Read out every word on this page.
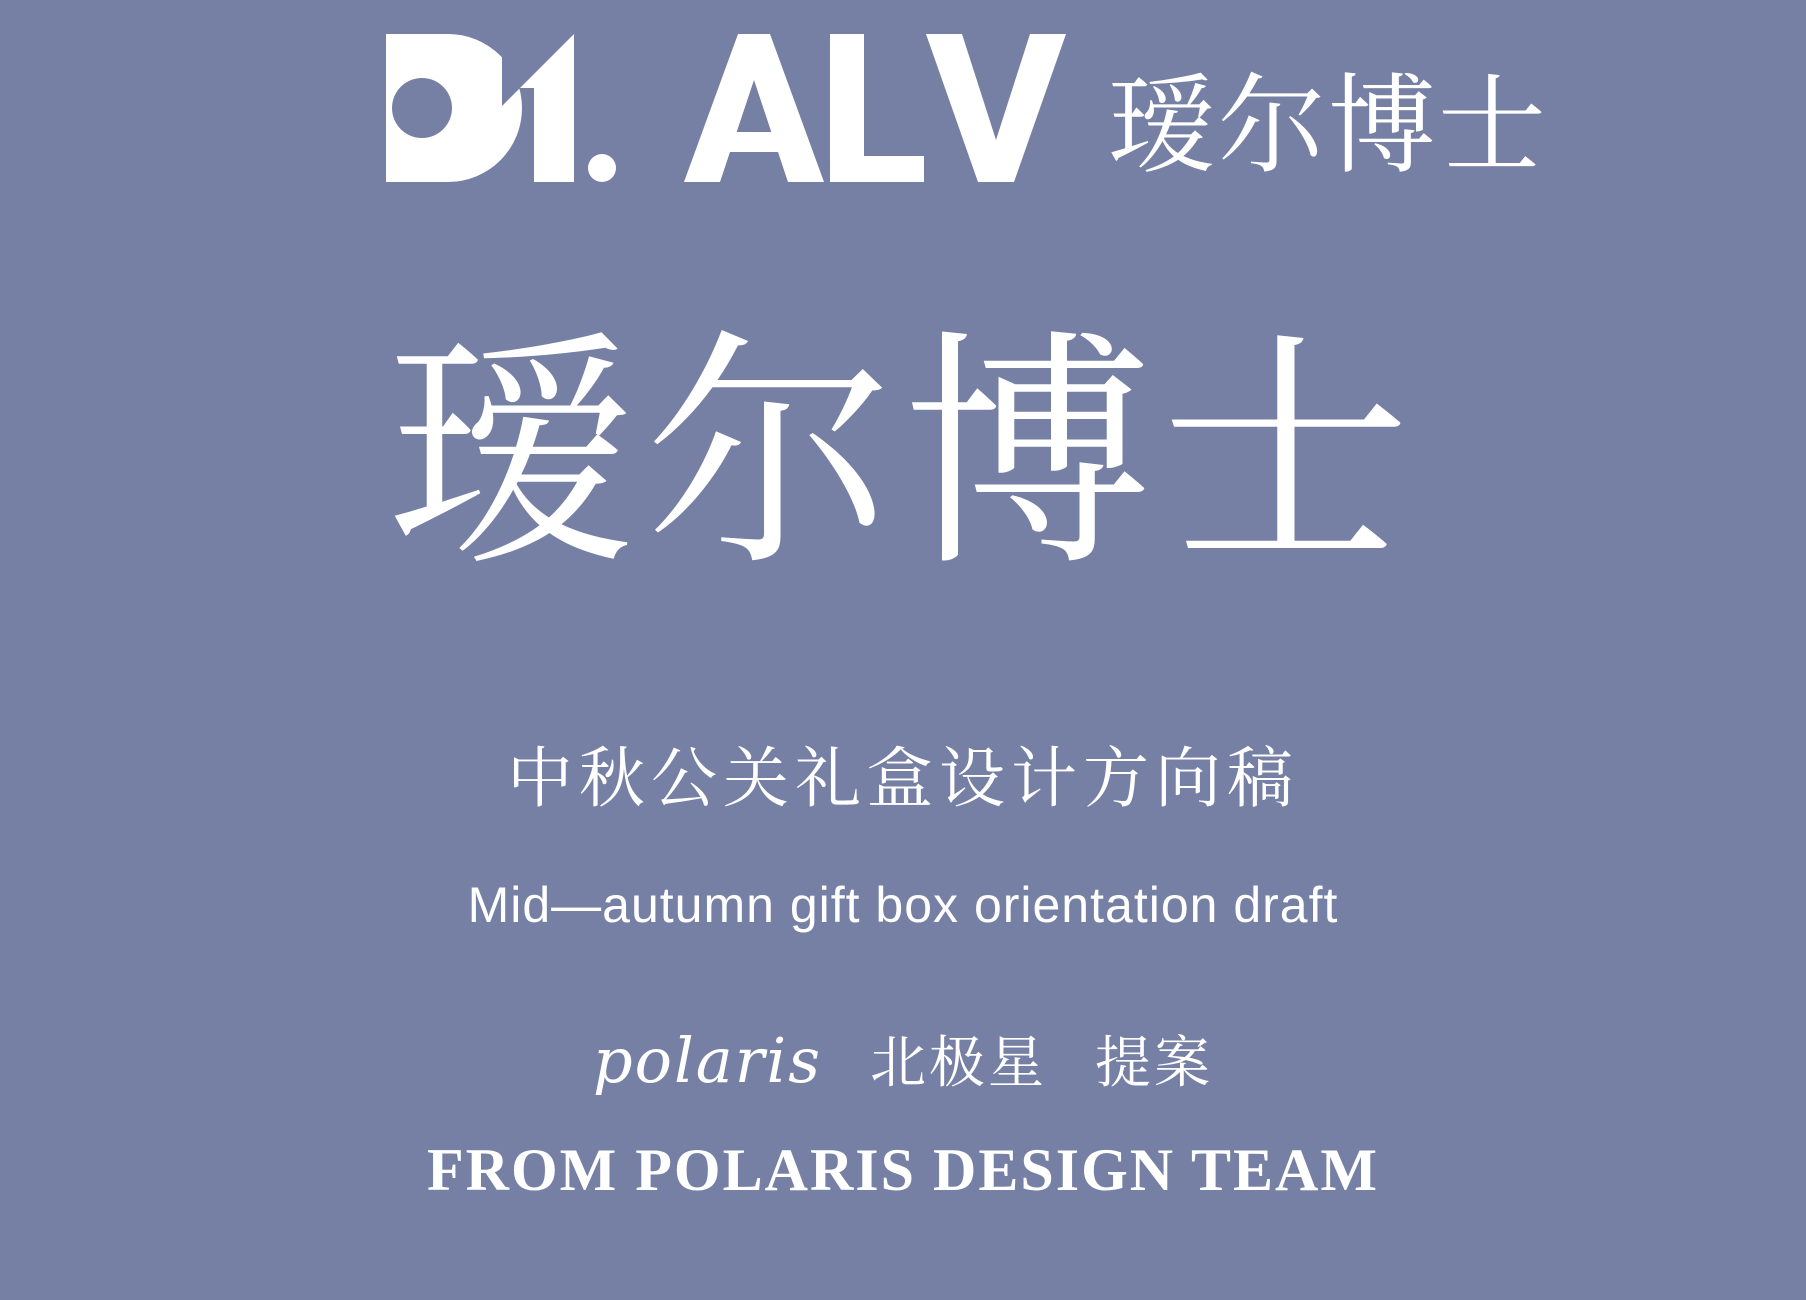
瑷尔博士
瑷尔博士
中秋公关礼盒设计方向稿
Mid—autumn gift box orientation draft
polaris 北极星 提案
FROM POLARIS DESIGN TEAM
